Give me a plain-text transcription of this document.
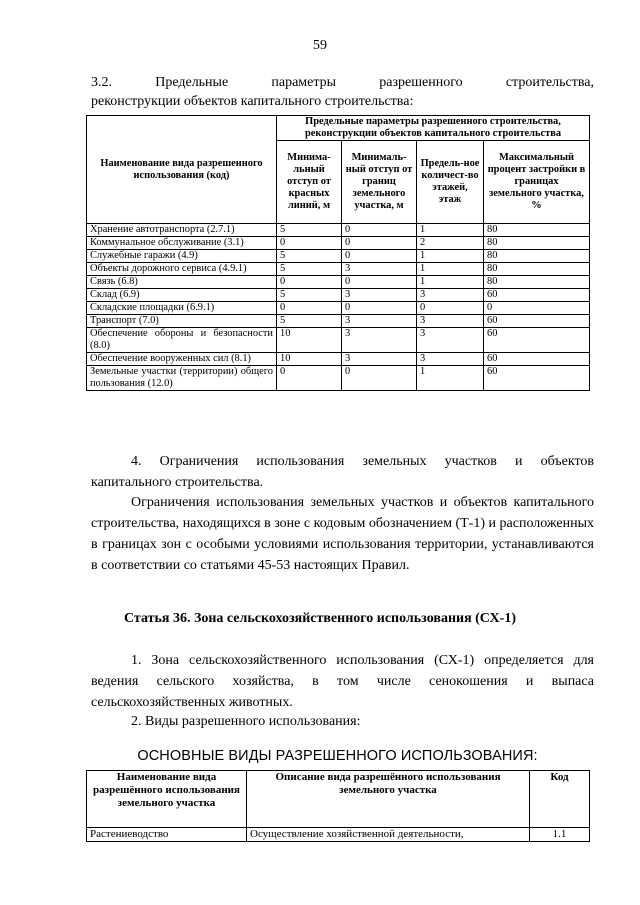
59
3.2. Предельные параметры разрешенного строительства,
реконструкции объектов капитального строительства:
Наименование вида разрешенного использования (код)	Предельные параметры разрешенного строительства, реконструкции объектов капитального строительства			
	Минима-льный отступ от красных линий, м	Минималь-ный отступ от границ земельного участка, м	Предель-ное количест-во этажей, этаж	Максимальный процент застройки в границах земельного участка, %
Хранение автотранспорта (2.7.1)	5	0	1	80
Коммунальное обслуживание (3.1)	0	0	2	80
Служебные гаражи (4.9)	5	0	1	80
Объекты дорожного сервиса (4.9.1)	5	3	1	80
Связь (6.8)	0	0	1	80
Склад (6.9)	5	3	3	60
Складские площадки (6.9.1)	0	0	0	0
Транспорт (7.0)	5	3	3	60
Обеспечение обороны и безопасности (8.0)	10	3	3	60
Обеспечение вооруженных сил (8.1)	10	3	3	60
Земельные участки (территории) общего пользования (12.0)	0	0	1	60
4. Ограничения использования земельных участков и объектов
капитального строительства.
Ограничения использования земельных участков и объектов капитального строительства, находящихся в зоне с кодовым обозначением (Т-1) и расположенных в границах зон с особыми условиями использования территории, устанавливаются в соответствии со статьями 45-53 настоящих Правил.
Статья 36. Зона сельскохозяйственного использования (СХ-1)
1. Зона сельскохозяйственного использования (СХ-1) определяется для ведения сельского хозяйства, в том числе сенокошения и выпаса сельскохозяйственных животных.
2. Виды разрешенного использования:
ОСНОВНЫЕ ВИДЫ РАЗРЕШЕННОГО ИСПОЛЬЗОВАНИЯ:
Наименование вида разрешённого использования земельного участка	Описание вида разрешённого использования земельного участка	Код
Растениеводство	Осуществление хозяйственной деятельности,	1.1
